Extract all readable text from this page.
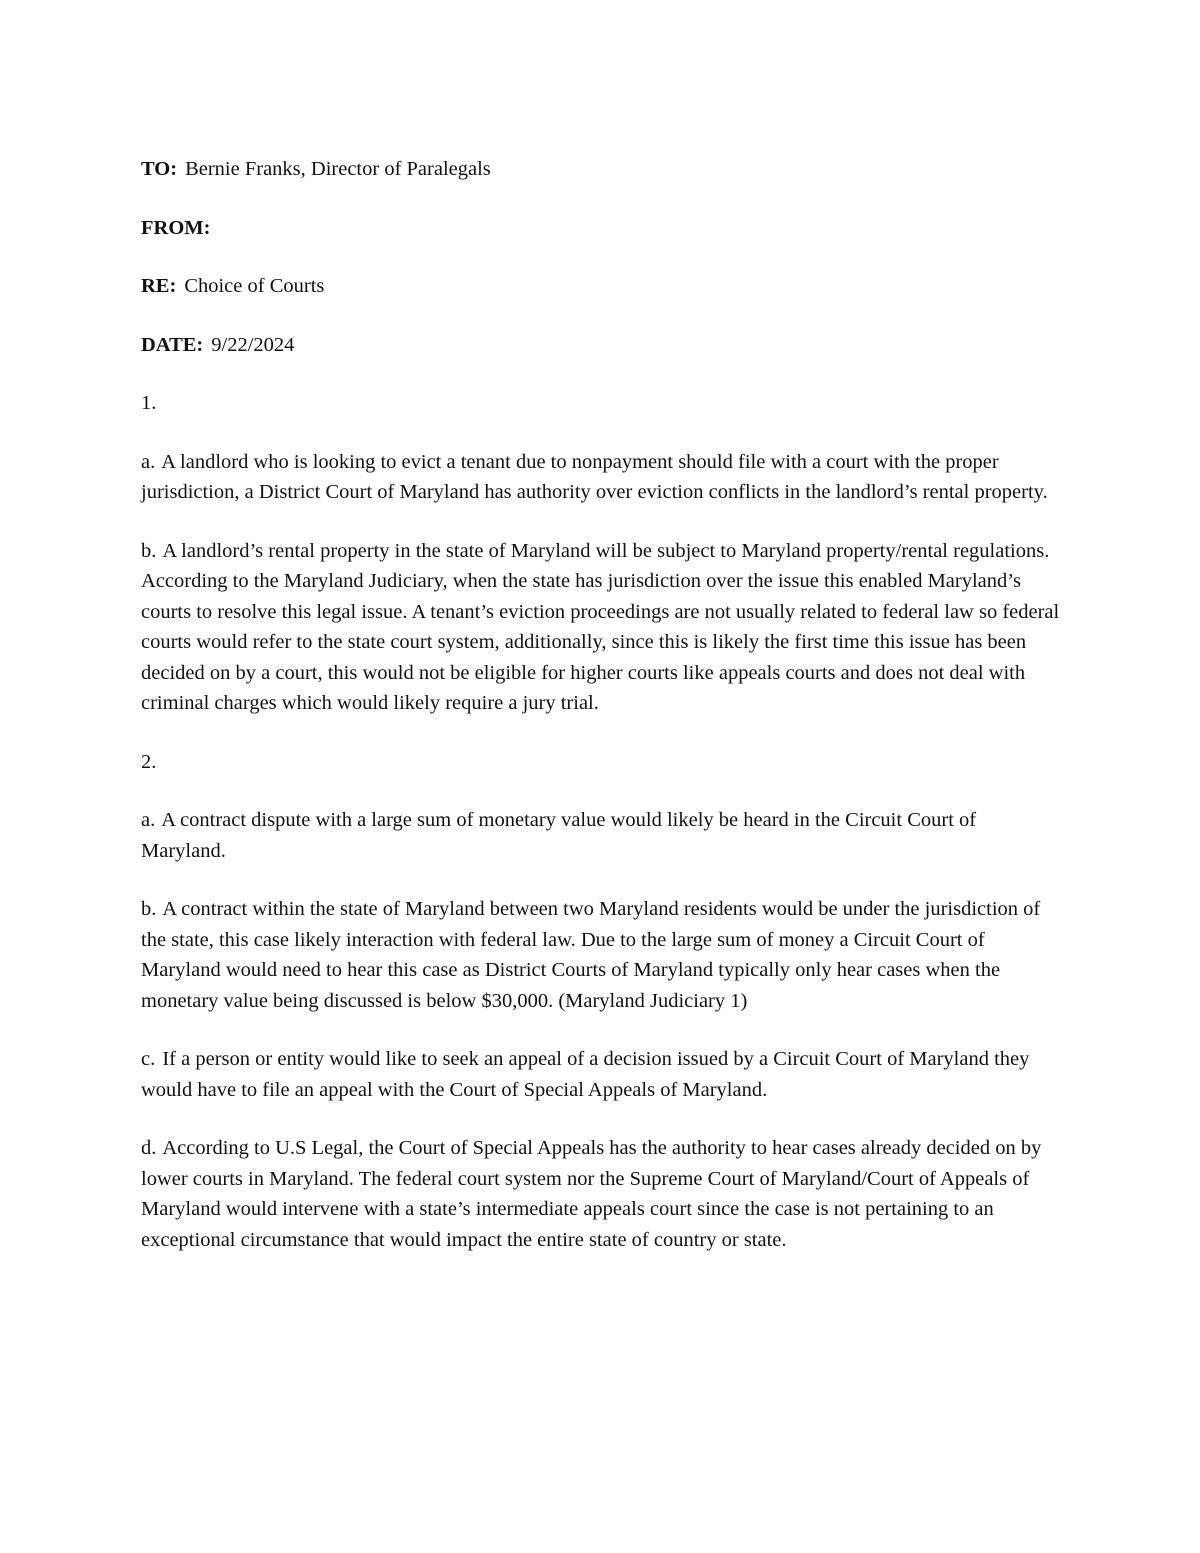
TO: Bernie Franks, Director of Paralegals
FROM:
RE: Choice of Courts
DATE: 9/22/2024
1.

a. A landlord who is looking to evict a tenant due to nonpayment should file with a court with the proper jurisdiction, a District Court of Maryland has authority over eviction conflicts in the landlord’s rental property.

b. A landlord’s rental property in the state of Maryland will be subject to Maryland property/rental regulations. According to the Maryland Judiciary, when the state has jurisdiction over the issue this enabled Maryland’s courts to resolve this legal issue. A tenant’s eviction proceedings are not usually related to federal law so federal courts would refer to the state court system, additionally, since this is likely the first time this issue has been decided on by a court, this would not be eligible for higher courts like appeals courts and does not deal with criminal charges which would likely require a jury trial.

2.

a. A contract dispute with a large sum of monetary value would likely be heard in the Circuit Court of Maryland.

b. A contract within the state of Maryland between two Maryland residents would be under the jurisdiction of the state, this case likely interaction with federal law. Due to the large sum of money a Circuit Court of Maryland would need to hear this case as District Courts of Maryland typically only hear cases when the monetary value being discussed is below $30,000. (Maryland Judiciary 1)

c. If a person or entity would like to seek an appeal of a decision issued by a Circuit Court of Maryland they would have to file an appeal with the Court of Special Appeals of Maryland.

d. According to U.S Legal, the Court of Special Appeals has the authority to hear cases already decided on by lower courts in Maryland. The federal court system nor the Supreme Court of Maryland/Court of Appeals of Maryland would intervene with a state’s intermediate appeals court since the case is not pertaining to an exceptional circumstance that would impact the entire state of country or state.
